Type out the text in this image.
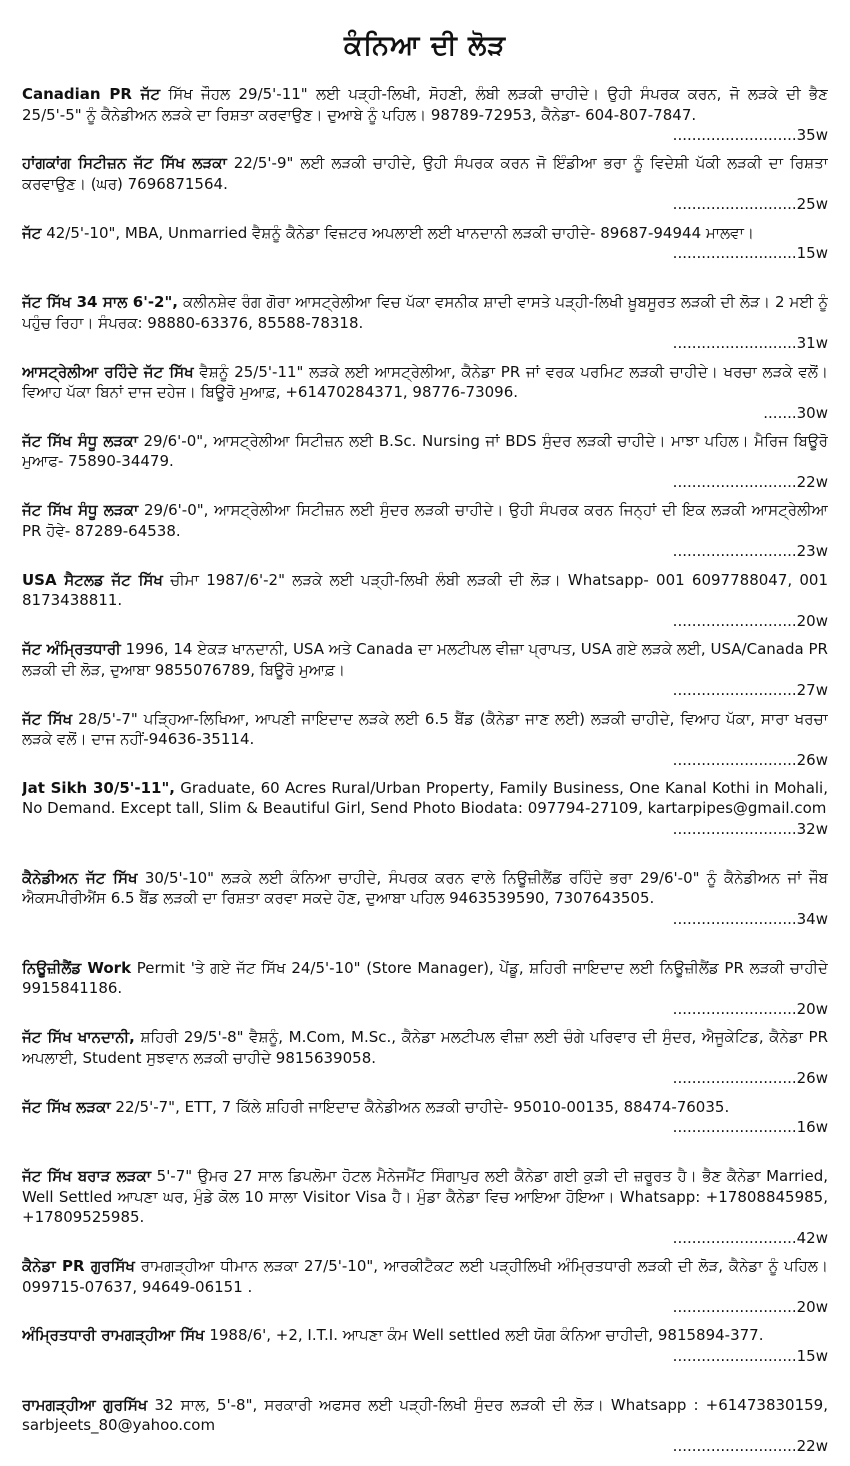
ਕੰਨਿਆ ਦੀ ਲੋੜ
Canadian PR ਜੱਟ ਸਿੱਖ ਜੌਹਲ 29/5'-11" ਲਈ ਪੜ੍ਹੀ-ਲਿਖੀ, ਸੋਹਣੀ, ਲੰਬੀ ਲੜਕੀ ਚਾਹੀਦੇ। ਉਹੀ ਸੰਪਰਕ ਕਰਨ, ਜੋ ਲੜਕੇ ਦੀ ਭੈਣ 25/5'-5" ਨੂੰ ਕੈਨੇਡੀਅਨ ਲੜਕੇ ਦਾ ਰਿਸ਼ਤਾ ਕਰਵਾਉਣ। ਦੁਆਬੇ ਨੂੰ ਪਹਿਲ। 98789-72953, ਕੈਨੇਡਾ- 604-807-7847.

..........................35w
ਹਾਂਗਕਾਂਗ ਸਿਟੀਜ਼ਨ ਜੱਟ ਸਿੱਖ ਲੜਕਾ 22/5'-9" ਲਈ ਲੜਕੀ ਚਾਹੀਦੇ, ਉਹੀ ਸੰਪਰਕ ਕਰਨ ਜੋ ਇੰਡੀਆ ਭਰਾ ਨੂੰ ਵਿਦੇਸ਼ੀ ਪੱਕੀ ਲੜਕੀ ਦਾ ਰਿਸ਼ਤਾ ਕਰਵਾਉਣ। (ਘਰ) 7696871564.

..........................25w
ਜੱਟ 42/5'-10", MBA, Unmarried ਵੈਸ਼ਨੂੰ ਕੈਨੇਡਾ ਵਿਜ਼ਟਰ ਅਪਲਾਈ ਲਈ ਖਾਨਦਾਨੀ ਲੜਕੀ ਚਾਹੀਦੇ- 89687-94944 ਮਾਲਵਾ।

..........................15w
ਜੱਟ ਸਿੱਖ 34 ਸਾਲ 6'-2", ਕਲੀਨਸ਼ੇਵ ਰੰਗ ਗੋਰਾ ਆਸਟ੍ਰੇਲੀਆ ਵਿਚ ਪੱਕਾ ਵਸਨੀਕ ਸ਼ਾਦੀ ਵਾਸਤੇ ਪੜ੍ਹੀ-ਲਿਖੀ ਖ਼ੂਬਸੂਰਤ ਲੜਕੀ ਦੀ ਲੋੜ। 2 ਮਈ ਨੂੰ ਪਹੁੰਚ ਰਿਹਾ। ਸੰਪਰਕ: 98880-63376, 85588-78318.

..........................31w
ਆਸਟ੍ਰੇਲੀਆ ਰਹਿੰਦੇ ਜੱਟ ਸਿੱਖ ਵੈਸ਼ਨੂੰ 25/5'-11" ਲੜਕੇ ਲਈ ਆਸਟ੍ਰੇਲੀਆ, ਕੈਨੇਡਾ PR ਜਾਂ ਵਰਕ ਪਰਮਿਟ ਲੜਕੀ ਚਾਹੀਦੇ। ਖਰਚਾ ਲੜਕੇ ਵਲੋਂ। ਵਿਆਹ ਪੱਕਾ ਬਿਨਾਂ ਦਾਜ ਦਹੇਜ। ਬਿਊਰੋ ਮੁਆਫ਼, +61470284371, 98776-73096.

.......30w
ਜੱਟ ਸਿੱਖ ਸੰਧੂ ਲੜਕਾ 29/6'-0", ਆਸਟ੍ਰੇਲੀਆ ਸਿਟੀਜ਼ਨ ਲਈ B.Sc. Nursing ਜਾਂ BDS ਸੁੰਦਰ ਲੜਕੀ ਚਾਹੀਦੇ। ਮਾਝਾ ਪਹਿਲ। ਮੈਰਿਜ ਬਿਊਰੋ ਮੁਆਫ- 75890-34479.

..........................22w
ਜੱਟ ਸਿੱਖ ਸੰਧੂ ਲੜਕਾ 29/6'-0", ਆਸਟ੍ਰੇਲੀਆ ਸਿਟੀਜ਼ਨ ਲਈ ਸੁੰਦਰ ਲੜਕੀ ਚਾਹੀਦੇ। ਉਹੀ ਸੰਪਰਕ ਕਰਨ ਜਿਨ੍ਹਾਂ ਦੀ ਇਕ ਲੜਕੀ ਆਸਟ੍ਰੇਲੀਆ PR ਹੋਵੇ- 87289-64538.

..........................23w
USA ਸੈਟਲਡ ਜੱਟ ਸਿੱਖ ਚੀਮਾ 1987/6'-2" ਲੜਕੇ ਲਈ ਪੜ੍ਹੀ-ਲਿਖੀ ਲੰਬੀ ਲੜਕੀ ਦੀ ਲੋੜ। Whatsapp- 001 6097788047, 001 8173438811.

..........................20w
ਜੱਟ ਅੰਮ੍ਰਿਤਧਾਰੀ 1996, 14 ਏਕੜ ਖਾਨਦਾਨੀ, USA ਅਤੇ Canada ਦਾ ਮਲਟੀਪਲ ਵੀਜ਼ਾ ਪ੍ਰਾਪਤ, USA ਗਏ ਲੜਕੇ ਲਈ, USA/Canada PR ਲੜਕੀ ਦੀ ਲੋੜ, ਦੁਆਬਾ 9855076789, ਬਿਊਰੋ ਮੁਆਫ਼।

..........................27w
ਜੱਟ ਸਿੱਖ 28/5'-7" ਪੜ੍ਹਿਆ-ਲਿਖਿਆ, ਆਪਣੀ ਜਾਇਦਾਦ ਲੜਕੇ ਲਈ 6.5 ਬੈਂਡ (ਕੈਨੇਡਾ ਜਾਣ ਲਈ) ਲੜਕੀ ਚਾਹੀਦੇ, ਵਿਆਹ ਪੱਕਾ, ਸਾਰਾ ਖਰਚਾ ਲੜਕੇ ਵਲੋਂ। ਦਾਜ ਨਹੀਂ-94636-35114.

..........................26w
Jat Sikh 30/5'-11", Graduate, 60 Acres Rural/Urban Property, Family Business, One Kanal Kothi in Mohali, No Demand. Except tall, Slim & Beautiful Girl, Send Photo Biodata: 097794-27109, kartarpipes@gmail.com

..........................32w
ਕੈਨੇਡੀਅਨ ਜੱਟ ਸਿੱਖ 30/5'-10" ਲੜਕੇ ਲਈ ਕੰਨਿਆ ਚਾਹੀਦੇ, ਸੰਪਰਕ ਕਰਨ ਵਾਲੇ ਨਿਊਜ਼ੀਲੈਂਡ ਰਹਿੰਦੇ ਭਰਾ 29/6'-0" ਨੂੰ ਕੈਨੇਡੀਅਨ ਜਾਂ ਜੌਬ ਐਕਸਪੀਰੀਐਂਸ 6.5 ਬੈਂਡ ਲੜਕੀ ਦਾ ਰਿਸ਼ਤਾ ਕਰਵਾ ਸਕਦੇ ਹੋਣ, ਦੁਆਬਾ ਪਹਿਲ 9463539590, 7307643505.

..........................34w
ਨਿਊਜ਼ੀਲੈਂਡ Work Permit 'ਤੇ ਗਏ ਜੱਟ ਸਿੱਖ 24/5'-10" (Store Manager), ਪੇਂਡੂ, ਸ਼ਹਿਰੀ ਜਾਇਦਾਦ ਲਈ ਨਿਊਜ਼ੀਲੈਂਡ PR ਲੜਕੀ ਚਾਹੀਦੇ 9915841186.

..........................20w
ਜੱਟ ਸਿੱਖ ਖਾਨਦਾਨੀ, ਸ਼ਹਿਰੀ 29/5'-8" ਵੈਸ਼ਨੂੰ, M.Com, M.Sc., ਕੈਨੇਡਾ ਮਲਟੀਪਲ ਵੀਜ਼ਾ ਲਈ ਚੰਗੇ ਪਰਿਵਾਰ ਦੀ ਸੁੰਦਰ, ਐਜੂਕੇਟਿਡ, ਕੈਨੇਡਾ PR ਅਪਲਾਈ, Student ਸੁਝਵਾਨ ਲੜਕੀ ਚਾਹੀਦੇ 9815639058.

..........................26w
ਜੱਟ ਸਿੱਖ ਲੜਕਾ 22/5'-7", ETT, 7 ਕਿੱਲੇ ਸ਼ਹਿਰੀ ਜਾਇਦਾਦ ਕੈਨੇਡੀਅਨ ਲੜਕੀ ਚਾਹੀਦੇ- 95010-00135, 88474-76035.

..........................16w
ਜੱਟ ਸਿੱਖ ਬਰਾੜ ਲੜਕਾ 5'-7" ਉਮਰ 27 ਸਾਲ ਡਿਪਲੋਮਾ ਹੋਟਲ ਮੈਨੇਜਮੈਂਟ ਸਿੰਗਾਪੁਰ ਲਈ ਕੈਨੇਡਾ ਗਈ ਕੁੜੀ ਦੀ ਜ਼ਰੂਰਤ ਹੈ। ਭੈਣ ਕੈਨੇਡਾ Married, Well Settled ਆਪਣਾ ਘਰ, ਮੁੰਡੇ ਕੋਲ 10 ਸਾਲਾ Visitor Visa ਹੈ। ਮੁੰਡਾ ਕੈਨੇਡਾ ਵਿਚ ਆਇਆ ਹੋਇਆ। Whatsapp: +17808845985, +17809525985.

..........................42w
ਕੈਨੇਡਾ PR ਗੁਰਸਿੱਖ ਰਾਮਗੜ੍ਹੀਆ ਧੀਮਾਨ ਲੜਕਾ 27/5'-10", ਆਰਕੀਟੈਕਟ ਲਈ ਪੜ੍ਹੀਲਿਖੀ ਅੰਮ੍ਰਿਤਧਾਰੀ ਲੜਕੀ ਦੀ ਲੋੜ, ਕੈਨੇਡਾ ਨੂੰ ਪਹਿਲ। 099715-07637, 94649-06151 .

..........................20w
ਅੰਮ੍ਰਿਤਧਾਰੀ ਰਾਮਗੜ੍ਹੀਆ ਸਿੱਖ 1988/6', +2, I.T.I. ਆਪਣਾ ਕੰਮ Well settled ਲਈ ਯੋਗ ਕੰਨਿਆ ਚਾਹੀਦੀ, 9815894-377.

..........................15w
ਰਾਮਗੜ੍ਹੀਆ ਗੁਰਸਿੱਖ 32 ਸਾਲ, 5'-8", ਸਰਕਾਰੀ ਅਫਸਰ ਲਈ ਪੜ੍ਹੀ-ਲਿਖੀ ਸੁੰਦਰ ਲੜਕੀ ਦੀ ਲੋੜ। Whatsapp : +61473830159, sarbjeets_80@yahoo.com

..........................22w
